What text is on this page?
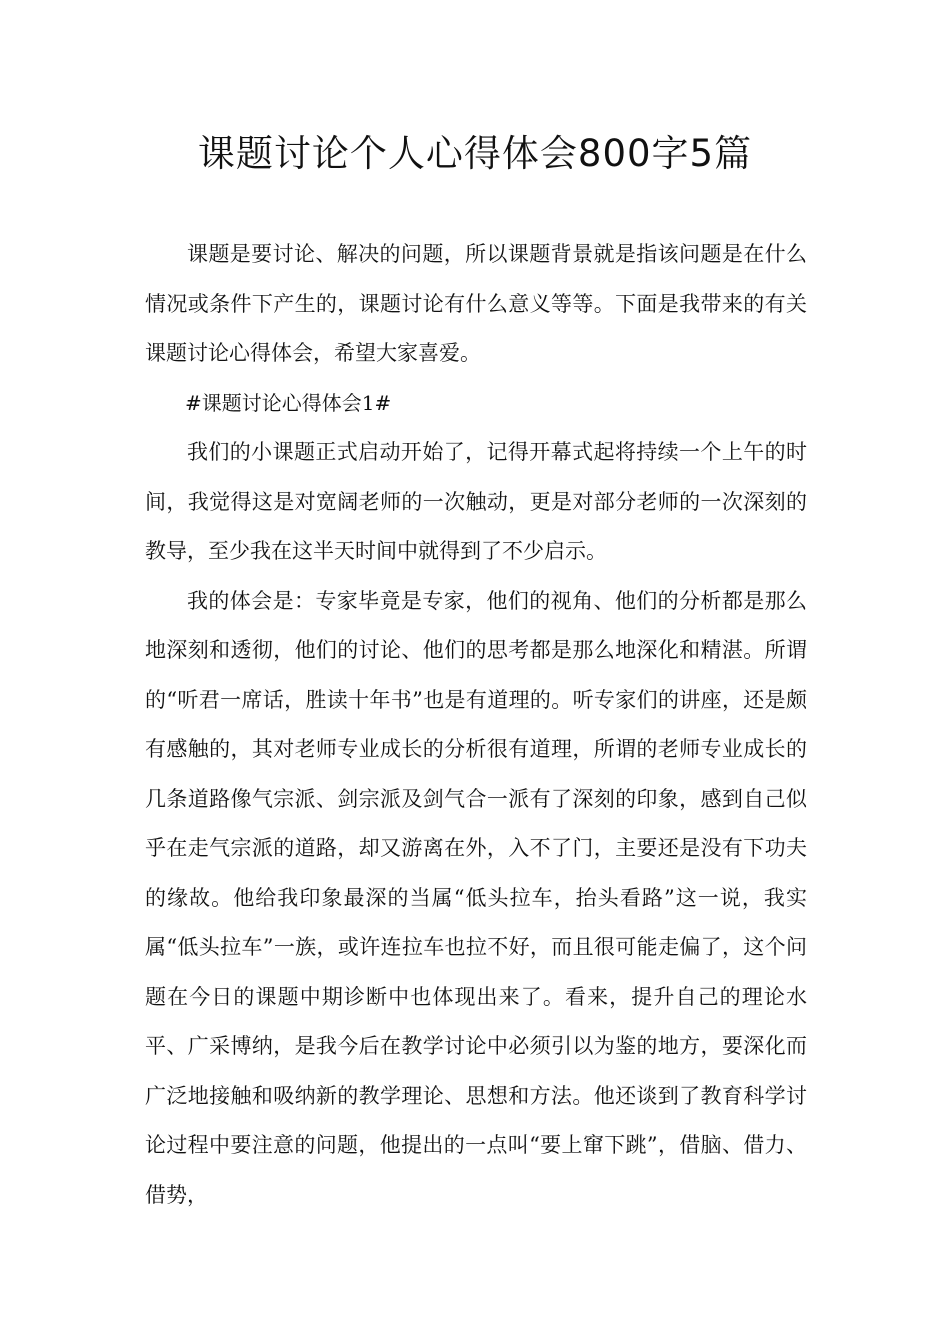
课题讨论个人心得体会800字5篇

课题是要讨论、解决的问题，所以课题背景就是指该问题是在什么情况或条件下产生的，课题讨论有什么意义等等。下面是我带来的有关课题讨论心得体会，希望大家喜爱。

#课题讨论心得体会1#

我们的小课题正式启动开始了，记得开幕式起将持续一个上午的时间，我觉得这是对宽阔老师的一次触动，更是对部分老师的一次深刻的教导，至少我在这半天时间中就得到了不少启示。

我的体会是：专家毕竟是专家，他们的视角、他们的分析都是那么地深刻和透彻，他们的讨论、他们的思考都是那么地深化和精湛。所谓的“听君一席话，胜读十年书”也是有道理的。听专家们的讲座，还是颇有感触的，其对老师专业成长的分析很有道理，所谓的老师专业成长的几条道路像气宗派、剑宗派及剑气合一派有了深刻的印象，感到自己似乎在走气宗派的道路，却又游离在外，入不了门，主要还是没有下功夫的缘故。他给我印象最深的当属“低头拉车，抬头看路”这一说，我实属“低头拉车”一族，或许连拉车也拉不好，而且很可能走偏了，这个问题在今日的课题中期诊断中也体现出来了。看来，提升自己的理论水平、广采博纳，是我今后在教学讨论中必须引以为鉴的地方，要深化而广泛地接触和吸纳新的教学理论、思想和方法。他还谈到了教育科学讨论过程中要注意的问题，他提出的一点叫“要上窜下跳”，借脑、借力、借势，
